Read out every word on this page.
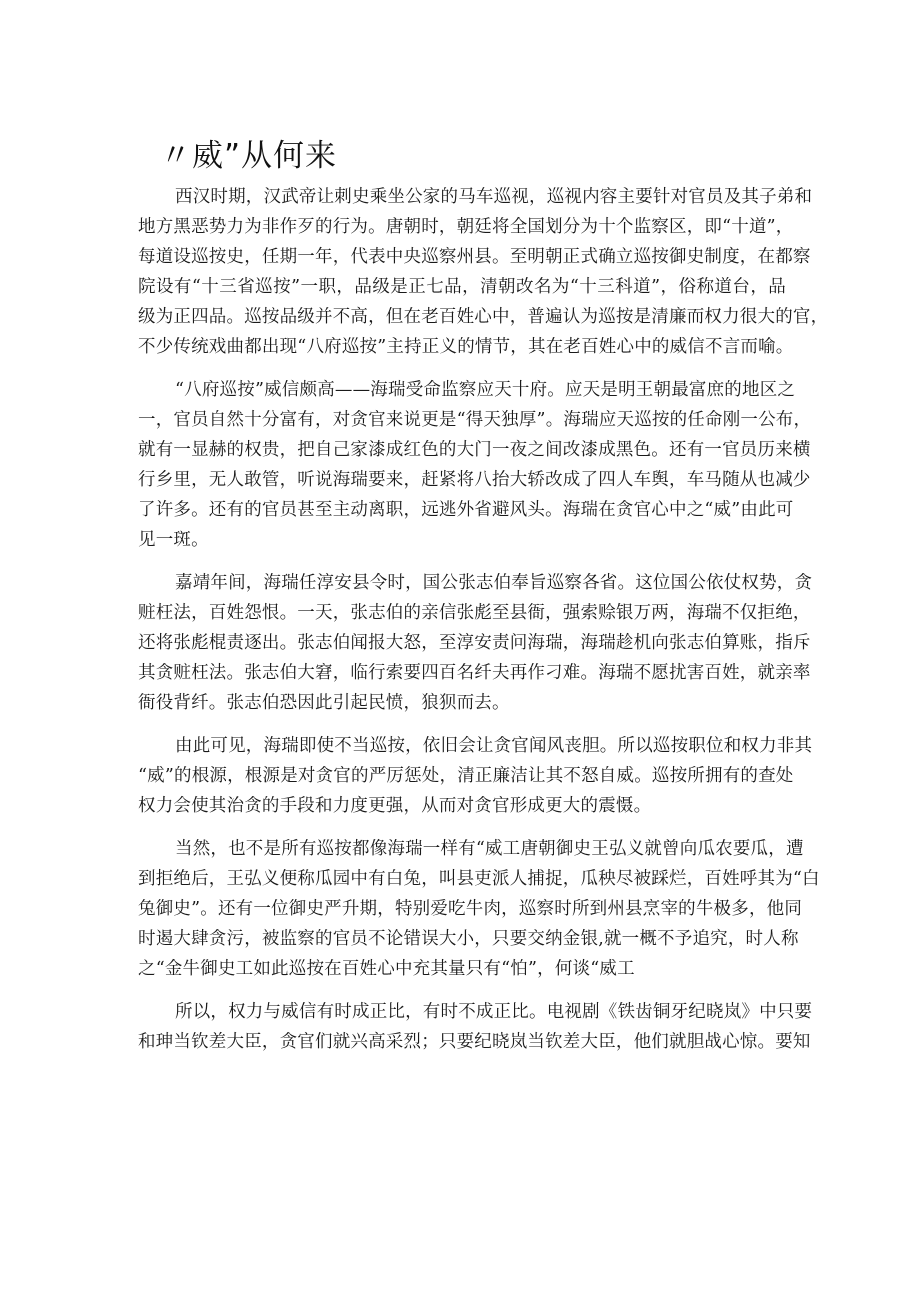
〃威”从何来
西汉时期，汉武帝让刺史乘坐公家的马车巡视，巡视内容主要针对官员及其子弟和
地方黑恶势力为非作歹的行为。唐朝时，朝廷将全国划分为十个监察区，即“十道”，
每道设巡按史，任期一年，代表中央巡察州县。至明朝正式确立巡按御史制度，在都察
院设有“十三省巡按”一职，品级是正七品，清朝改名为“十三科道”，俗称道台，品
级为正四品。巡按品级并不高，但在老百姓心中，普遍认为巡按是清廉而权力很大的官，
不少传统戏曲都出现“八府巡按”主持正义的情节，其在老百姓心中的威信不言而喻。
“八府巡按”威信颇高——海瑞受命监察应天十府。应天是明王朝最富庶的地区之
一，官员自然十分富有，对贪官来说更是“得天独厚”。海瑞应天巡按的任命刚一公布，
就有一显赫的权贵，把自己家漆成红色的大门一夜之间改漆成黑色。还有一官员历来横
行乡里，无人敢管，听说海瑞要来，赶紧将八抬大轿改成了四人车舆，车马随从也减少
了许多。还有的官员甚至主动离职，远逃外省避风头。海瑞在贪官心中之“威”由此可
见一斑。
嘉靖年间，海瑞任淳安县令时，国公张志伯奉旨巡察各省。这位国公依仗权势，贪
赃枉法，百姓怨恨。一天，张志伯的亲信张彪至县衙，强索赊银万两，海瑞不仅拒绝，
还将张彪棍责逐出。张志伯闻报大怒，至淳安责问海瑞，海瑞趁机向张志伯算账，指斥
其贪赃枉法。张志伯大窘，临行索要四百名纤夫再作刁难。海瑞不愿扰害百姓，就亲率
衙役背纤。张志伯恐因此引起民愤，狼狈而去。
由此可见，海瑞即使不当巡按，依旧会让贪官闻风丧胆。所以巡按职位和权力非其
“威”的根源，根源是对贪官的严厉惩处，清正廉洁让其不怒自威。巡按所拥有的查处
权力会使其治贪的手段和力度更强，从而对贪官形成更大的震慑。
当然，也不是所有巡按都像海瑞一样有“威工唐朝御史王弘义就曾向瓜农要瓜，遭
到拒绝后，王弘义便称瓜园中有白兔，叫县吏派人捕捉，瓜秧尽被踩烂，百姓呼其为“白
兔御史”。还有一位御史严升期，特别爱吃牛肉，巡察时所到州县烹宰的牛极多，他同
时遏大肆贪污，被监察的官员不论错误大小，只要交纳金银,就一概不予追究，时人称
之“金牛御史工如此巡按在百姓心中充其量只有“怕”，何谈“威工
所以，权力与威信有时成正比，有时不成正比。电视剧《铁齿铜牙纪晓岚》中只要
和珅当钦差大臣，贪官们就兴高采烈；只要纪晓岚当钦差大臣，他们就胆战心惊。要知
